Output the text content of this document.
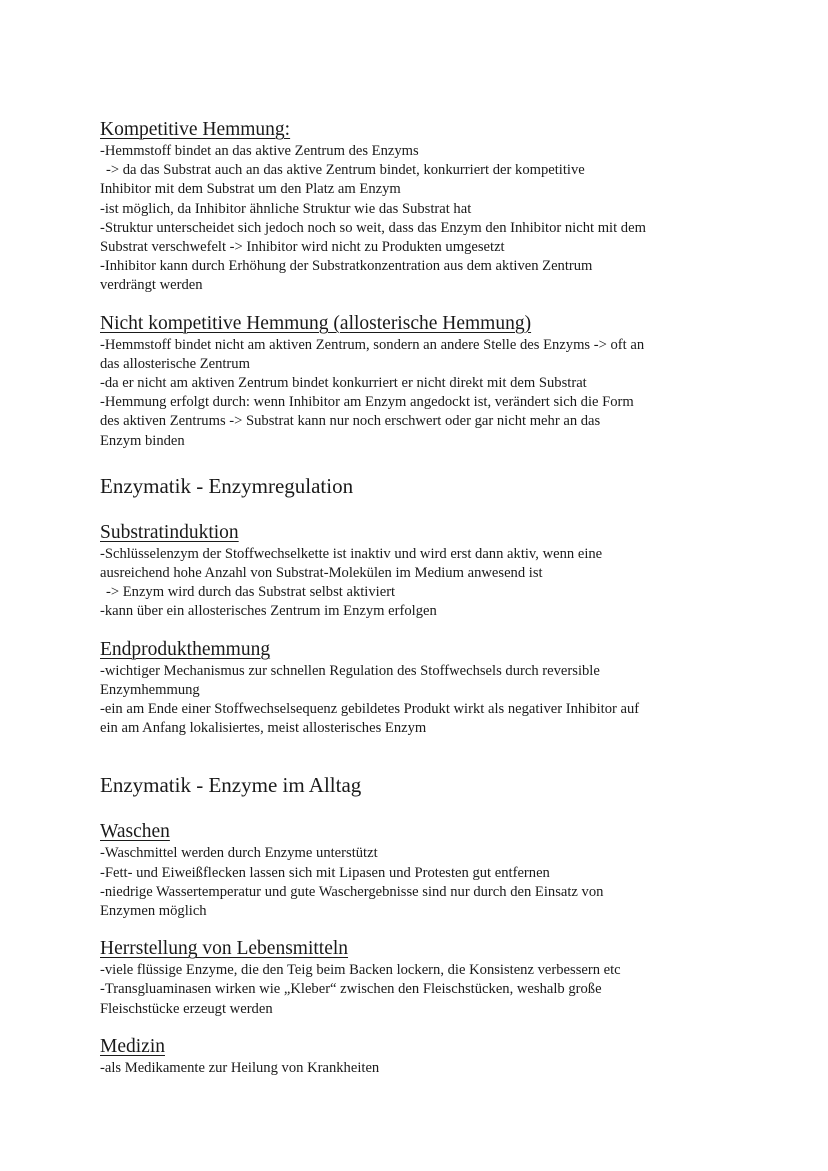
Kompetitive Hemmung:

-Hemmstoff bindet an das aktive Zentrum des Enzyms

-> da das Substrat auch an das aktive Zentrum bindet, konkurriert der kompetitive

Inhibitor mit dem Substrat um den Platz am Enzym

-ist möglich, da Inhibitor ähnliche Struktur wie das Substrat hat

-Struktur unterscheidet sich jedoch noch so weit, dass das Enzym den Inhibitor nicht mit dem

Substrat verschwefelt -> Inhibitor wird nicht zu Produkten umgesetzt

-Inhibitor kann durch Erhöhung der Substratkonzentration aus dem aktiven Zentrum

verdrängt werden

Nicht kompetitive Hemmung (allosterische Hemmung)

-Hemmstoff bindet nicht am aktiven Zentrum, sondern an andere Stelle des Enzyms -> oft an

das allosterische Zentrum

-da er nicht am aktiven Zentrum bindet konkurriert er nicht direkt mit dem Substrat

-Hemmung erfolgt durch: wenn Inhibitor am Enzym angedockt ist, verändert sich die Form

des aktiven Zentrums -> Substrat kann nur noch erschwert oder gar nicht mehr an das

Enzym binden

Enzymatik - Enzymregulation
Substratinduktion

-Schlüsselenzym der Stoffwechselkette ist inaktiv und wird erst dann aktiv, wenn eine

ausreichend hohe Anzahl von Substrat-Molekülen im Medium anwesend ist

-> Enzym wird durch das Substrat selbst aktiviert

-kann über ein allosterisches Zentrum im Enzym erfolgen

Endprodukthemmung

-wichtiger Mechanismus zur schnellen Regulation des Stoffwechsels durch reversible

Enzymhemmung

-ein am Ende einer Stoffwechselsequenz gebildetes Produkt wirkt als negativer Inhibitor auf

ein am Anfang lokalisiertes, meist allosterisches Enzym

Enzymatik - Enzyme im Alltag
Waschen

-Waschmittel werden durch Enzyme unterstützt

-Fett- und Eiweißflecken lassen sich mit Lipasen und Protesten gut entfernen

-niedrige Wassertemperatur und gute Waschergebnisse sind nur durch den Einsatz von

Enzymen möglich

Herrstellung von Lebensmitteln

-viele flüssige Enzyme, die den Teig beim Backen lockern, die Konsistenz verbessern etc

-Transgluaminasen wirken wie „Kleber“ zwischen den Fleischstücken, weshalb große

Fleischstücke erzeugt werden

Medizin

-als Medikamente zur Heilung von Krankheiten
